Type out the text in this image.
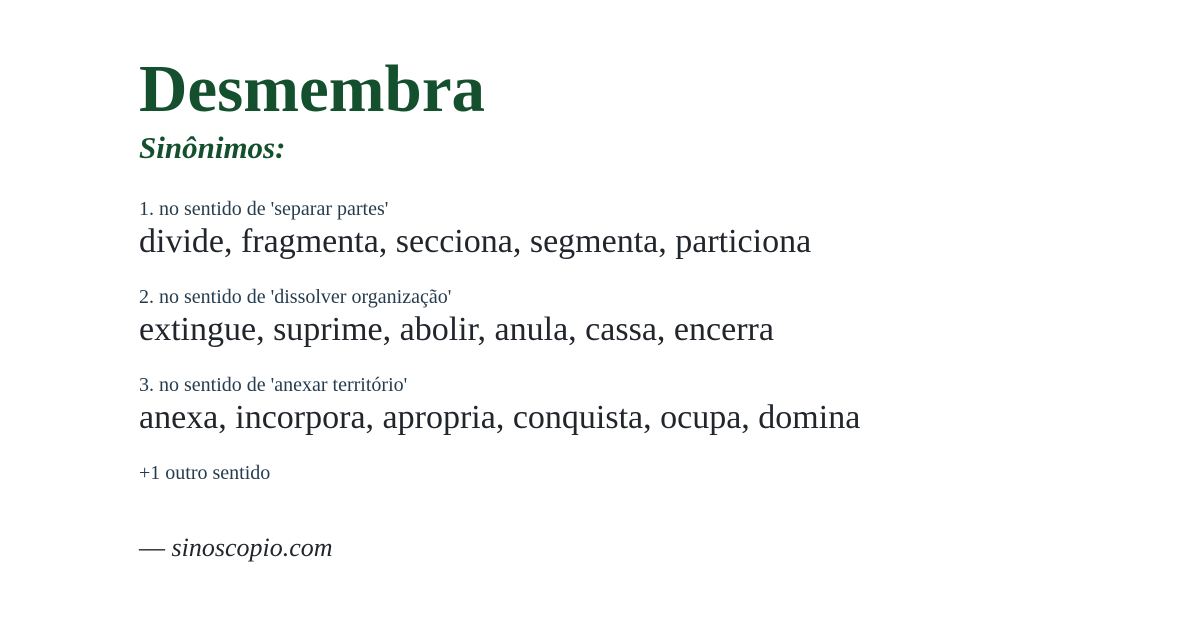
Desmembra
Sinônimos:
1. no sentido de 'separar partes'
divide, fragmenta, secciona, segmenta, particiona
2. no sentido de 'dissolver organização'
extingue, suprime, abolir, anula, cassa, encerra
3. no sentido de 'anexar território'
anexa, incorpora, apropria, conquista, ocupa, domina
+1 outro sentido
— sinoscopio.com
